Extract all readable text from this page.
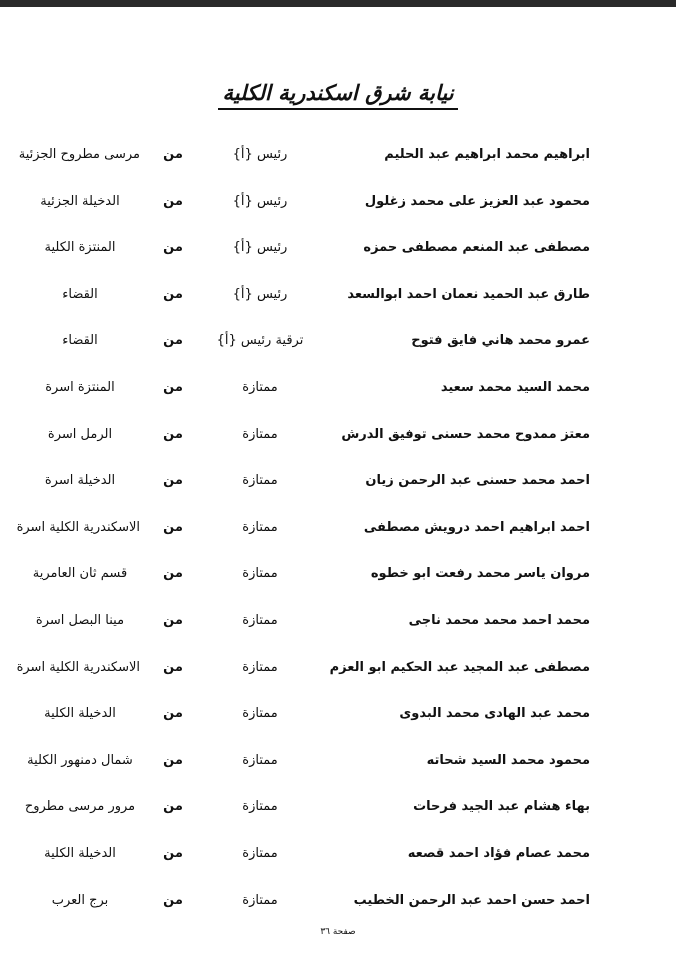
نيابة شرق اسكندرية الكلية
ابراهيم محمد ابراهيم عبد الحليم
رئيس {أ}
من
مرسى مطروح الجزئية
محمود عبد العزيز على محمد زغلول
رئيس {أ}
من
الدخيلة الجزئية
مصطفى عبد المنعم مصطفى حمزه
رئيس {أ}
من
المنتزة الكلية
طارق عبد الحميد نعمان احمد ابوالسعد
رئيس {أ}
من
القضاء
عمرو محمد هاني فايق فتوح
ترقية رئيس {أ}
من
القضاء
محمد السيد محمد سعيد
ممتازة
من
المنتزة اسرة
معتز ممدوح محمد حسنى توفيق الدرش
ممتازة
من
الرمل اسرة
احمد محمد حسنى عبد الرحمن زيان
ممتازة
من
الدخيلة اسرة
احمد ابراهيم احمد درويش مصطفى
ممتازة
من
الاسكندرية الكلية اسرة
مروان ياسر محمد رفعت ابو خطوه
ممتازة
من
قسم ثان العامرية
محمد احمد محمد محمد ناجى
ممتازة
من
مينا البصل اسرة
مصطفى عبد المجيد عبد الحكيم ابو العزم
ممتازة
من
الاسكندرية الكلية اسرة
محمد عبد الهادى محمد البدوى
ممتازة
من
الدخيلة الكلية
محمود محمد السيد شحاته
ممتازة
من
شمال دمنهور الكلية
بهاء هشام عبد الجيد فرحات
ممتازة
من
مرور مرسى مطروح
محمد عصام فؤاد احمد قصعه
ممتازة
من
الدخيلة الكلية
احمد حسن احمد عبد الرحمن الخطيب
ممتازة
من
برج العرب
صفحة ٣٦
